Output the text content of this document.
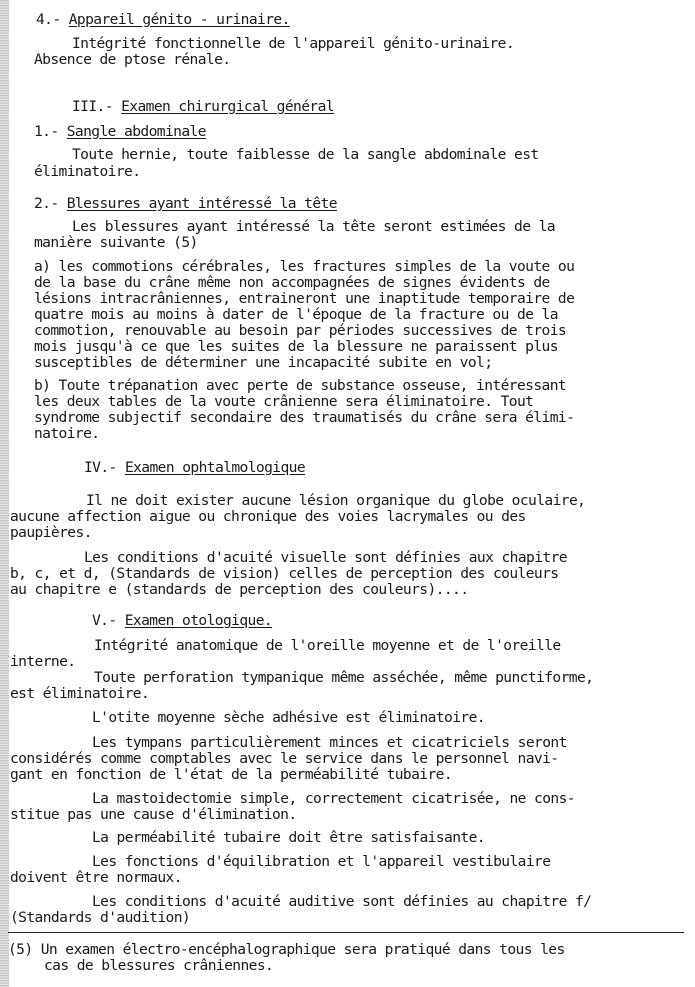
4.- Appareil génito - urinaire.
Intégrité fonctionnelle de l'appareil génito-urinaire.
Absence de ptose rénale.
III.- Examen chirurgical général
1.- Sangle abdominale
Toute hernie, toute faiblesse de la sangle abdominale est
éliminatoire.
2.- Blessures ayant intéressé la tête
Les blessures ayant intéressé la tête seront estimées de la
manière suivante (5)
a) les commotions cérébrales, les fractures simples de la voute ou
de la base du crâne même non accompagnées de signes évidents de
lésions intracrâniennes, entraineront une inaptitude temporaire de
quatre mois au moins à dater de l'époque de la fracture ou de la
commotion, renouvable au besoin par périodes successives de trois
mois jusqu'à ce que les suites de la blessure ne paraissent plus
susceptibles de déterminer une incapacité subite en vol;
b) Toute trépanation avec perte de substance osseuse, intéressant
les deux tables de la voute crânienne sera éliminatoire. Tout
syndrome subjectif secondaire des traumatisés du crâne sera élimi-
natoire.
IV.- Examen ophtalmologique
Il ne doit exister aucune lésion organique du globe oculaire,
aucune affection aigue ou chronique des voies lacrymales ou des
paupières.
Les conditions d'acuité visuelle sont définies aux chapitre
b, c, et d, (Standards de vision) celles de perception des couleurs
au chapitre e (standards de perception des couleurs)....
V.- Examen otologique.
Intégrité anatomique de l'oreille moyenne et de l'oreille
interne.
Toute perforation tympanique même asséchée, même punctiforme,
est éliminatoire.
L'otite moyenne sèche adhésive est éliminatoire.
Les tympans particulièrement minces et cicatriciels seront
considérés comme comptables avec le service dans le personnel navi-
gant en fonction de l'état de la perméabilité tubaire.
La mastoidectomie simple, correctement cicatrisée, ne cons-
stitue pas une cause d'élimination.
La perméabilité tubaire doit être satisfaisante.
Les fonctions d'équilibration et l'appareil vestibulaire
doivent être normaux.
Les conditions d'acuité auditive sont définies au chapitre f/
(Standards d'audition)
(5) Un examen électro-encéphalographique sera pratiqué dans tous les
cas de blessures crâniennes.
